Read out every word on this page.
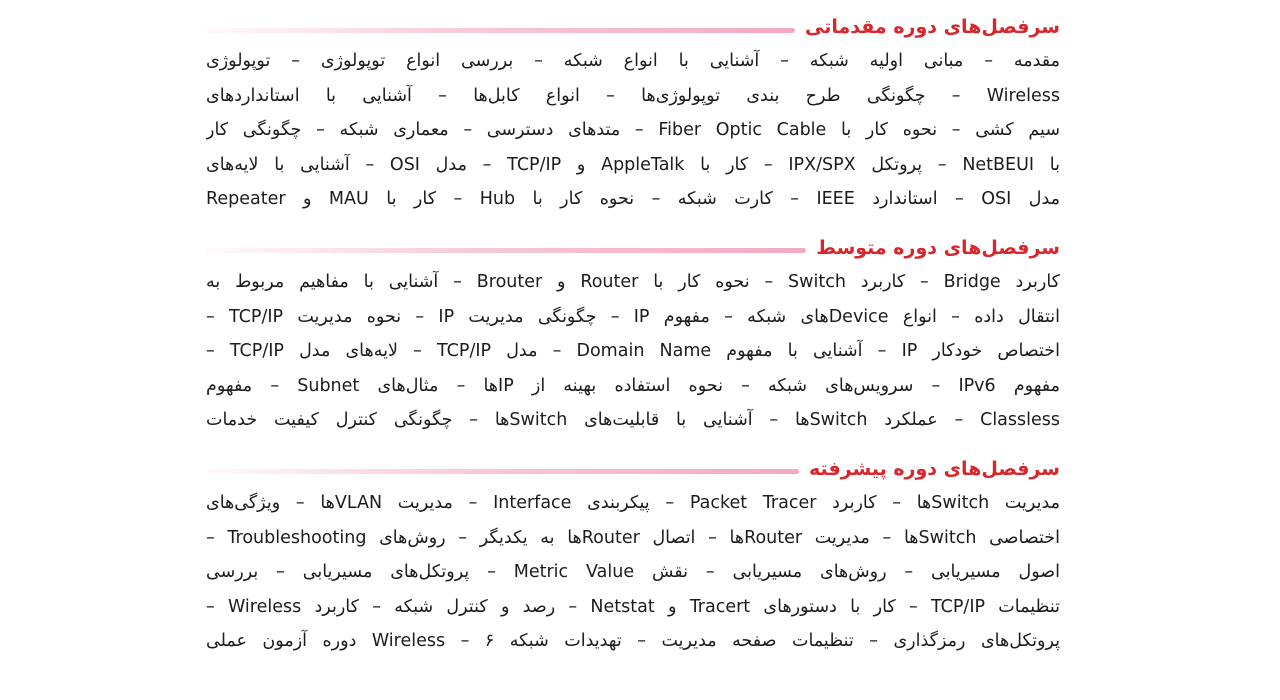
سرفصل‌های دوره مقدماتی
مقدمه – مبانی اولیه شبکه – آشنایی با انواع شبکه – بررسی انواع توپولوژی – توپولوژی
Wireless – چگونگی طرح بندی توپولوژی‌ها – انواع کابل‌ها – آشنایی با استانداردهای
سیم کشی – نحوه کار با Fiber Optic Cable – متدهای دسترسی – معماری شبکه – چگونگی کار
با NetBEUI – پروتکل IPX/SPX – کار با AppleTalk و TCP/IP – مدل OSI – آشنایی با لایه‌های
مدل OSI – استاندارد IEEE – کارت شبکه – نحوه کار با Hub – کار با MAU و Repeater
سرفصل‌های دوره متوسط
کاربرد Bridge – کاربرد Switch – نحوه کار با Router و Brouter – آشنایی با مفاهیم مربوط به
انتقال داده – انواع Deviceهای شبکه – مفهوم IP – چگونگی مدیریت IP – نحوه مدیریت TCP/IP –
اختصاص خودکار IP – آشنایی با مفهوم Domain Name – مدل TCP/IP – لایه‌های مدل TCP/IP –
مفهوم IPv6 – سرویس‌های شبکه – نحوه استفاده بهینه از IPها – مثال‌های Subnet – مفهوم
Classless – عملکرد Switchها – آشنایی با قابلیت‌های Switchها – چگونگی کنترل کیفیت خدمات
سرفصل‌های دوره پیشرفته
مدیریت Switchها – کاربرد Packet Tracer – پیکربندی Interface – مدیریت VLANها – ویژگی‌های
اختصاصی Switchها – مدیریت Routerها – اتصال Routerها به یکدیگر – روش‌های Troubleshooting –
اصول مسیریابی – روش‌های مسیریابی – نقش Metric Value – پروتکل‌های مسیریابی – بررسی
تنظیمات TCP/IP – کار با دستورهای Tracert و Netstat – رصد و کنترل شبکه – کاربرد Wireless –
پروتکل‌های رمزگذاری – تنظیمات صفحه مدیریت – تهدیدات شبکه Wireless – ۶ دوره آزمون عملی
